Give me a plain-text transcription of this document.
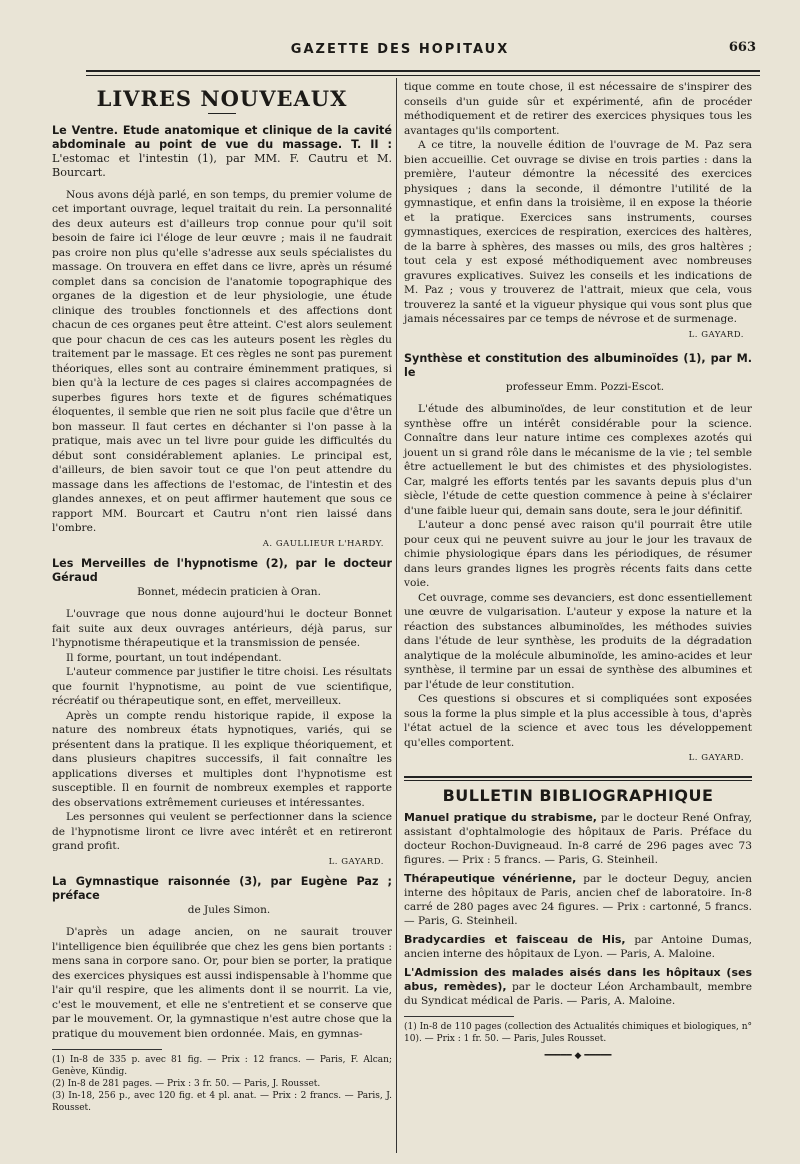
GAZETTE DES HOPITAUX	663
LIVRES NOUVEAUX
Le Ventre. Etude anatomique et clinique de la cavité abdominale au point de vue du massage. T. II : L'estomac et l'intestin (1), par MM. F. Cautru et M. Bourcart.

Nous avons déjà parlé, en son temps, du premier volume de cet important ouvrage, lequel traitait du rein. La personnalité des deux auteurs est d'ailleurs trop connue pour qu'il soit besoin de faire ici l'éloge de leur œuvre ; mais il ne faudrait pas croire non plus qu'elle s'adresse aux seuls spécialistes du massage. On trouvera en effet dans ce livre, après un résumé complet dans sa concision de l'anatomie topographique des organes de la digestion et de leur physiologie, une étude clinique des troubles fonctionnels et des affections dont chacun de ces organes peut être atteint. C'est alors seulement que pour chacun de ces cas les auteurs posent les règles du traitement par le massage. Et ces règles ne sont pas purement théoriques, elles sont au contraire éminemment pratiques, si bien qu'à la lecture de ces pages si claires accompagnées de superbes figures hors texte et de figures schématiques éloquentes, il semble que rien ne soit plus facile que d'être un bon masseur. Il faut certes en déchanter si l'on passe à la pratique, mais avec un tel livre pour guide les difficultés du début sont considérablement aplanies. Le principal est, d'ailleurs, de bien savoir tout ce que l'on peut attendre du massage dans les affections de l'estomac, de l'intestin et des glandes annexes, et on peut affirmer hautement que sous ce rapport MM. Bourcart et Cautru n'ont rien laissé dans l'ombre.

A. GAULLIEUR L'HARDY.
Les Merveilles de l'hypnotisme (2), par le docteur Géraud
Bonnet, médecin praticien à Oran.

L'ouvrage que nous donne aujourd'hui le docteur Bonnet fait suite aux deux ouvrages antérieurs, déjà parus, sur l'hypnotisme thérapeutique et la transmission de pensée.

Il forme, pourtant, un tout indépendant.

L'auteur commence par justifier le titre choisi. Les résultats que fournit l'hypnotisme, au point de vue scientifique, récréatif ou thérapeutique sont, en effet, merveilleux.

Après un compte rendu historique rapide, il expose la nature des nombreux états hypnotiques, variés, qui se présentent dans la pratique. Il les explique théoriquement, et dans plusieurs chapitres successifs, il fait connaître les applications diverses et multiples dont l'hypnotisme est susceptible. Il en fournit de nombreux exemples et rapporte des observations extrêmement curieuses et intéressantes.

Les personnes qui veulent se perfectionner dans la science de l'hypnotisme liront ce livre avec intérêt et en retireront grand profit.

L. GAYARD.
La Gymnastique raisonnée (3), par Eugène Paz ; préface
de Jules Simon.

D'après un adage ancien, on ne saurait trouver l'intelligence bien équilibrée que chez les gens bien portants : mens sana in corpore sano. Or, pour bien se porter, la pratique des exercices physiques est aussi indispensable à l'homme que l'air qu'il respire, que les aliments dont il se nourrit. La vie, c'est le mouvement, et elle ne s'entretient et se conserve que par le mouvement. Or, la gymnastique n'est autre chose que la pratique du mouvement bien ordonnée. Mais, en gymnas-

(1) In-8 de 335 p. avec 81 fig. — Prix : 12 francs. — Paris, F. Alcan; Genève, Kündig.

(2) In-8 de 281 pages. — Prix : 3 fr. 50. — Paris, J. Rousset.

(3) In-18, 256 p., avec 120 fig. et 4 pl. anat. — Prix : 2 francs. — Paris, J. Rousset.

tique comme en toute chose, il est nécessaire de s'inspirer des conseils d'un guide sûr et expérimenté, afin de procéder méthodiquement et de retirer des exercices physiques tous les avantages qu'ils comportent.

A ce titre, la nouvelle édition de l'ouvrage de M. Paz sera bien accueillie. Cet ouvrage se divise en trois parties : dans la première, l'auteur démontre la nécessité des exercices physiques ; dans la seconde, il démontre l'utilité de la gymnastique, et enfin dans la troisième, il en expose la théorie et la pratique. Exercices sans instruments, courses gymnastiques, exercices de respiration, exercices des haltères, de la barre à sphères, des masses ou mils, des gros haltères ; tout cela y est exposé méthodiquement avec nombreuses gravures explicatives. Suivez les conseils et les indications de M. Paz ; vous y trouverez de l'attrait, mieux que cela, vous trouverez la santé et la vigueur physique qui vous sont plus que jamais nécessaires par ce temps de névrose et de surmenage.

L. GAYARD.
Synthèse et constitution des albuminoïdes (1), par M. le
professeur Emm. Pozzi-Escot.

L'étude des albuminoïdes, de leur constitution et de leur synthèse offre un intérêt considérable pour la science. Connaître dans leur nature intime ces complexes azotés qui jouent un si grand rôle dans le mécanisme de la vie ; tel semble être actuellement le but des chimistes et des physiologistes. Car, malgré les efforts tentés par les savants depuis plus d'un siècle, l'étude de cette question commence à peine à s'éclairer d'une faible lueur qui, demain sans doute, sera le jour définitif.

L'auteur a donc pensé avec raison qu'il pourrait être utile pour ceux qui ne peuvent suivre au jour le jour les travaux de chimie physiologique épars dans les périodiques, de résumer dans leurs grandes lignes les progrès récents faits dans cette voie.

Cet ouvrage, comme ses devanciers, est donc essentiellement une œuvre de vulgarisation. L'auteur y expose la nature et la réaction des substances albuminoïdes, les méthodes suivies dans l'étude de leur synthèse, les produits de la dégradation analytique de la molécule albuminoïde, les amino-acides et leur synthèse, il termine par un essai de synthèse des albumines et par l'étude de leur constitution.

Ces questions si obscures et si compliquées sont exposées sous la forme la plus simple et la plus accessible à tous, d'après l'état actuel de la science et avec tous les développement qu'elles comportent.

L. GAYARD.
BULLETIN BIBLIOGRAPHIQUE
Manuel pratique du strabisme, par le docteur René Onfray, assistant d'ophtalmologie des hôpitaux de Paris. Préface du docteur Rochon-Duvigneaud. In-8 carré de 296 pages avec 73 figures. — Prix : 5 francs. — Paris, G. Steinheil.
Thérapeutique vénérienne, par le docteur Deguy, ancien interne des hôpitaux de Paris, ancien chef de laboratoire. In-8 carré de 280 pages avec 24 figures. — Prix : cartonné, 5 francs. — Paris, G. Steinheil.
Bradycardies et faisceau de His, par Antoine Dumas, ancien interne des hôpitaux de Lyon. — Paris, A. Maloine.
L'Admission des malades aisés dans les hôpitaux (ses abus, remèdes), par le docteur Léon Archambault, membre du Syndicat médical de Paris. — Paris, A. Maloine.

(1) In-8 de 110 pages (collection des Actualités chimiques et biologiques, n° 10). — Prix : 1 fr. 50. — Paris, Jules Rousset.

━━━━━ ◆ ━━━━━
